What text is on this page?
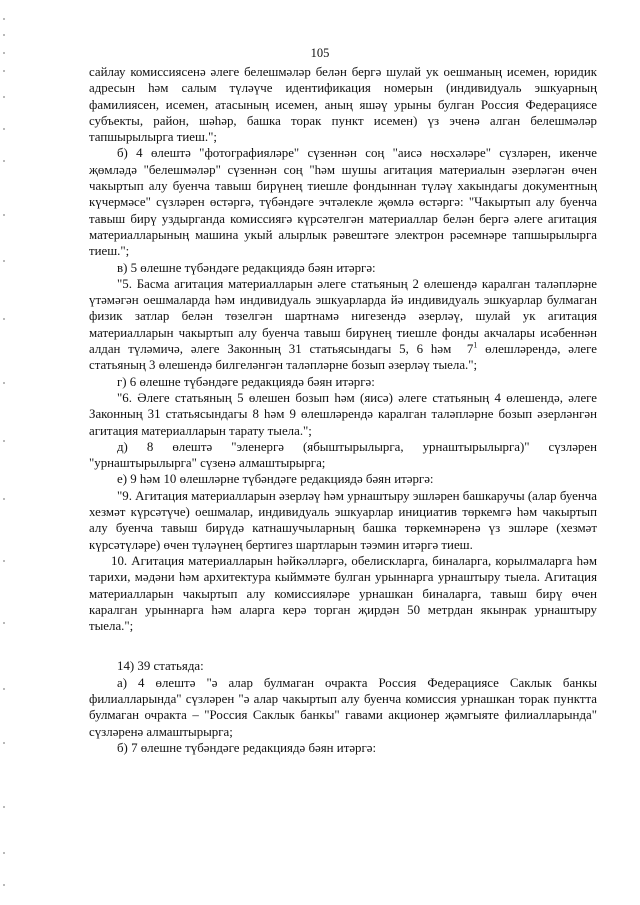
105

сайлау комиссиясенә әлеге белешмәләр белән бергә шулай ук оешманың исемен, юридик адресын һәм салым түләүче идентификация номерын (индивидуаль эшкуарның фамилиясен, исемен, атасының исемен, аның яшәү урыны булган Россия Федерациясе субъекты, район, шәһәр, башка торак пункт исемен) үз эченә алган белешмәләр тапшырылырга тиеш.";

б) 4 өлештә "фотографияләре" сүзеннән соң "аисә нөсхәләре" сүзләрен, икенче җөмләдә "белешмәләр" сүзеннән соң "һәм шушы агитация материалын әзерләгән өчен чакыртып алу буенча тавыш бирүнең тиешле фондыннан түләү хакындагы документның күчермәсе" сүзләрен өстәргә, түбәндәге эчтәлекле җөмлә өстәргә: "Чакыртып алу буенча тавыш бирү уздырганда комиссиягә күрсәтелгән материаллар белән бергә әлеге агитация материалларының машина укый алырлык рәвештәге электрон рәсемнәре тапшырылырга тиеш.";

в) 5 өлешне түбәндәге редакциядә бәян итәргә:

"5. Басма агитация материалларын әлеге статьяның 2 өлешендә каралган таләпләрне үтәмәгән оешмаларда һәм индивидуаль эшкуарларда йә индивидуаль эшкуарлар булмаган физик затлар белән төзелгән шартнамә нигезендә әзерләү, шулай ук агитация материалларын чакыртып алу буенча тавыш бирүнең тиешле фонды акчалары исәбеннән алдан түләмичә, әлеге Законның 31 статьясындагы 5, 6 һәм  $7^1$ өлешләрендә, әлеге статьяның 3 өлешендә билгеләнгән таләпләрне бозып әзерләү тыела.";

г) 6 өлешне түбәндәге редакциядә бәян итәргә:

"6. Әлеге статьяның 5 өлешен бозып һәм (яисә) әлеге статьяның 4 өлешендә, әлеге Законның 31 статьясындагы 8 һәм 9 өлешләрендә каралган таләпләрне бозып әзерләнгән агитация материалларын тарату тыела.";

д) 8 өлештә "эленергә (ябыштырылырга, урнаштырылырга)" сүзләрен "урнаштырылырга" сүзенә алмаштырырга;

е) 9 һәм 10 өлешләрне түбәндәге редакциядә бәян итәргә:

"9. Агитация материалларын әзерләү һәм урнаштыру эшләрен башкаручы (алар буенча хезмәт күрсәтүче) оешмалар, индивидуаль эшкуарлар инициатив төркемгә һәм чакыртып алу буенча тавыш бирүдә катнашучыларның башка төркемнәренә үз эшләре (хезмәт күрсәтүләре) өчен түләүнең бертигез шартларын тәэмин итәргә тиеш.

10. Агитация материалларын һәйкәлләргә, обелискларга, биналарга, корылмаларга һәм тарихи, мәдәни һәм архитектура кыйммәте булган урыннарга урнаштыру тыела. Агитация материалларын чакыртып алу комиссияләре урнашкан биналарга, тавыш бирү өчен каралган урыннарга һәм аларга керә торган җирдән 50 метрдан якынрак урнаштыру тыела.";

14) 39 статьяда:

а) 4 өлештә "ә алар булмаган очракта Россия Федерациясе Саклык банкы филиалларында" сүзләрен "ә алар чакыртып алу буенча комиссия урнашкан торак пунктта булмаган очракта – "Россия Саклык банкы" гавами акционер җәмгыяте филиалларында" сүзләренә алмаштырырга;

б) 7 өлешне түбәндәге редакциядә бәян итәргә:
